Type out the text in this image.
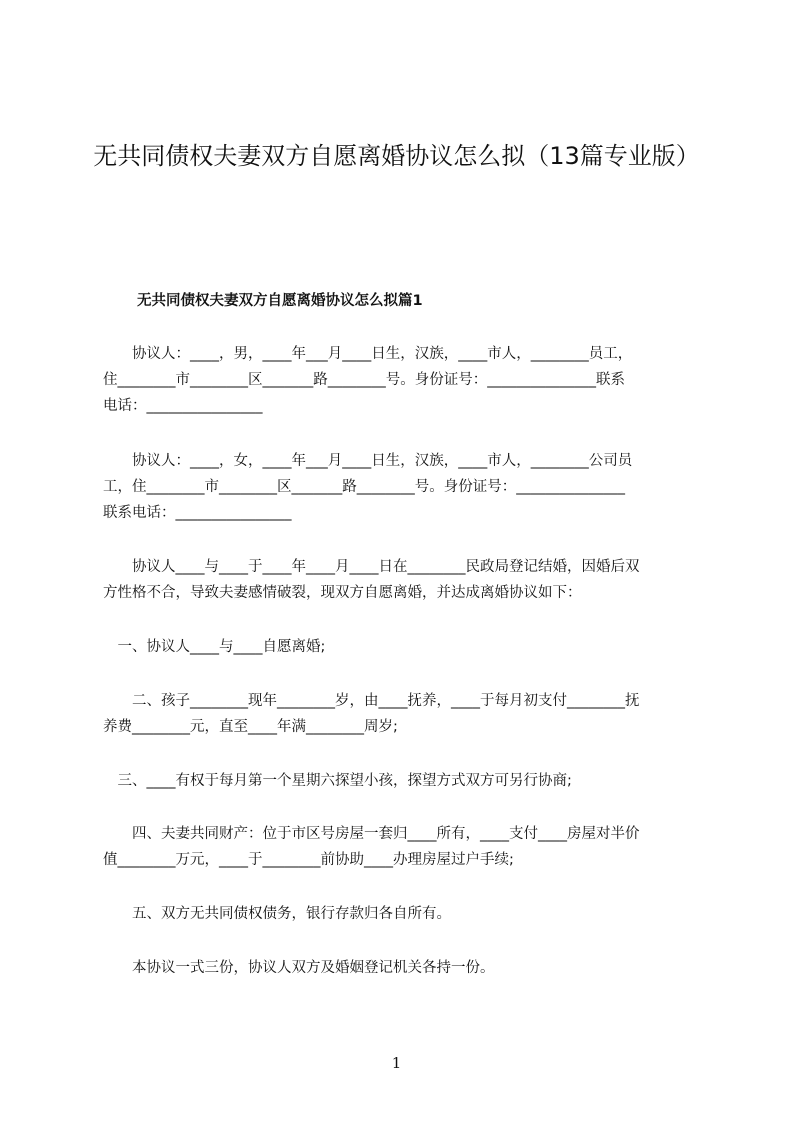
无共同债权夫妻双方自愿离婚协议怎么拟（13篇专业版）
无共同债权夫妻双方自愿离婚协议怎么拟篇1
　　协议人：____，男，____年___月____日生，汉族，____市人，________员工，
住________市________区_______路________号。身份证号：_______________联系
电话：________________
　　协议人：____，女，____年___月____日生，汉族，____市人，________公司员
工，住________市________区_______路________号。身份证号：_______________
联系电话：________________
　　协议人____与____于____年____月____日在________民政局登记结婚，因婚后双
方性格不合，导致夫妻感情破裂，现双方自愿离婚，并达成离婚协议如下：
　一、协议人____与____自愿离婚;
　　二、孩子________现年________岁，由____抚养，____于每月初支付________抚
养费________元，直至____年满________周岁;
　三、____有权于每月第一个星期六探望小孩，探望方式双方可另行协商;
　　四、夫妻共同财产：位于市区号房屋一套归____所有，____支付____房屋对半价
值________万元，____于________前协助____办理房屋过户手续;
　　五、双方无共同债权债务，银行存款归各自所有。
　　本协议一式三份，协议人双方及婚姻登记机关各持一份。
1
